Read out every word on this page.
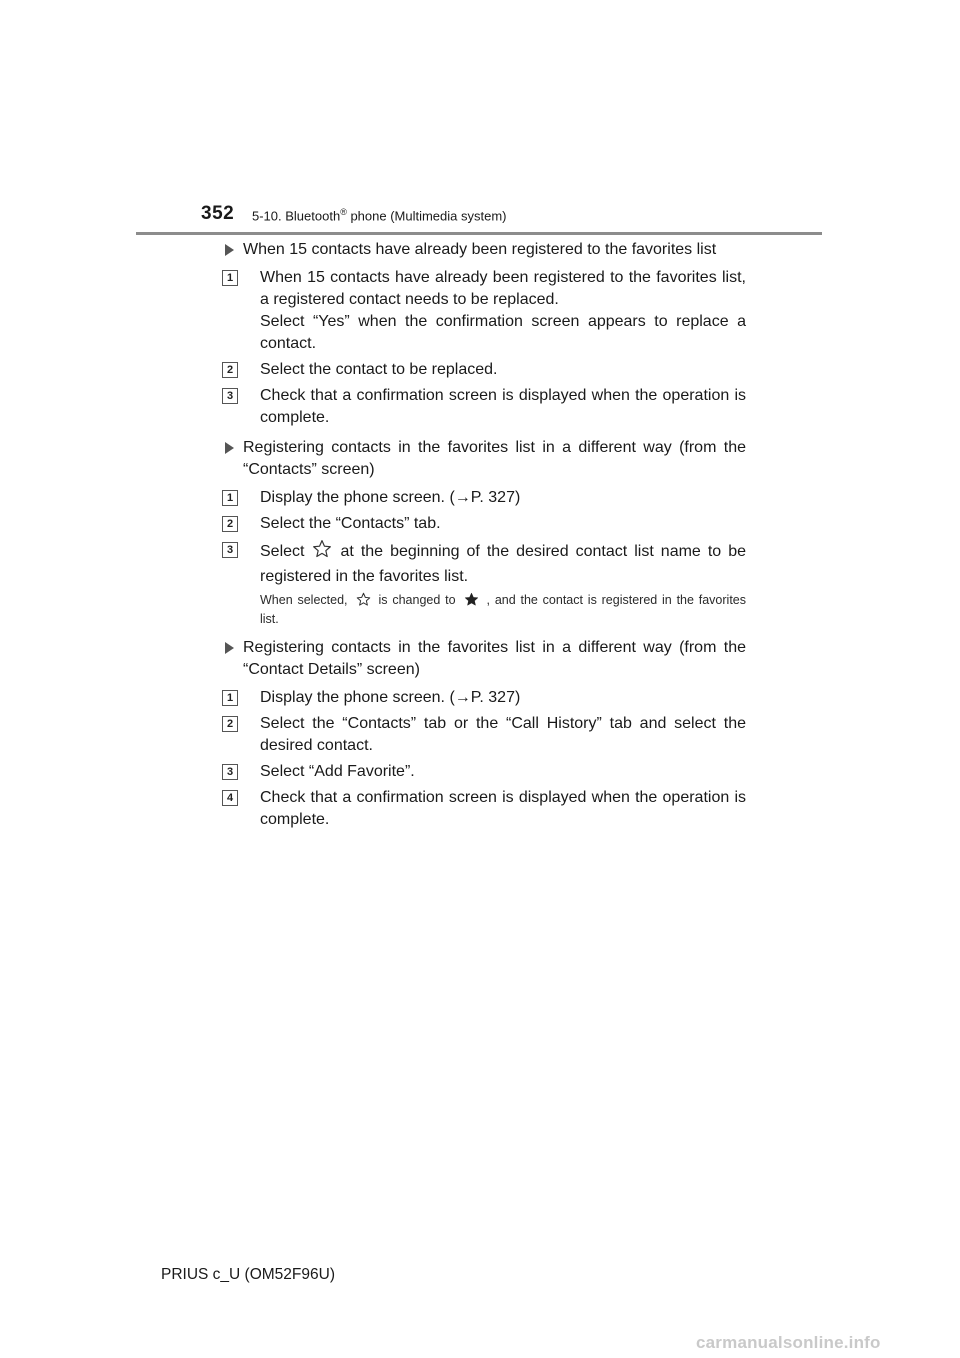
352 5-10. Bluetooth® phone (Multimedia system)
When 15 contacts have already been registered to the favorites list
1	When 15 contacts have already been registered to the favorites list, a registered contact needs to be replaced.

Select “Yes” when the confirmation screen appears to replace a contact.

2	Select the contact to be replaced.

3	Check that a confirmation screen is displayed when the operation is complete.

Registering contacts in the favorites list in a different way (from the “Contacts” screen)
1	Display the phone screen. (→P. 327)

2	Select the “Contacts” tab.

3	Select at the beginning of the desired contact list name to be registered in the favorites list.

When selected, is changed to , and the contact is registered in the favorites list.
Registering contacts in the favorites list in a different way (from the “Contact Details” screen)
1	Display the phone screen. (→P. 327)

2	Select the “Contacts” tab or the “Call History” tab and select the desired contact.

3	Select “Add Favorite”.

4	Check that a confirmation screen is displayed when the operation is complete.

PRIUS c_U (OM52F96U)
carmanualsonline.info
